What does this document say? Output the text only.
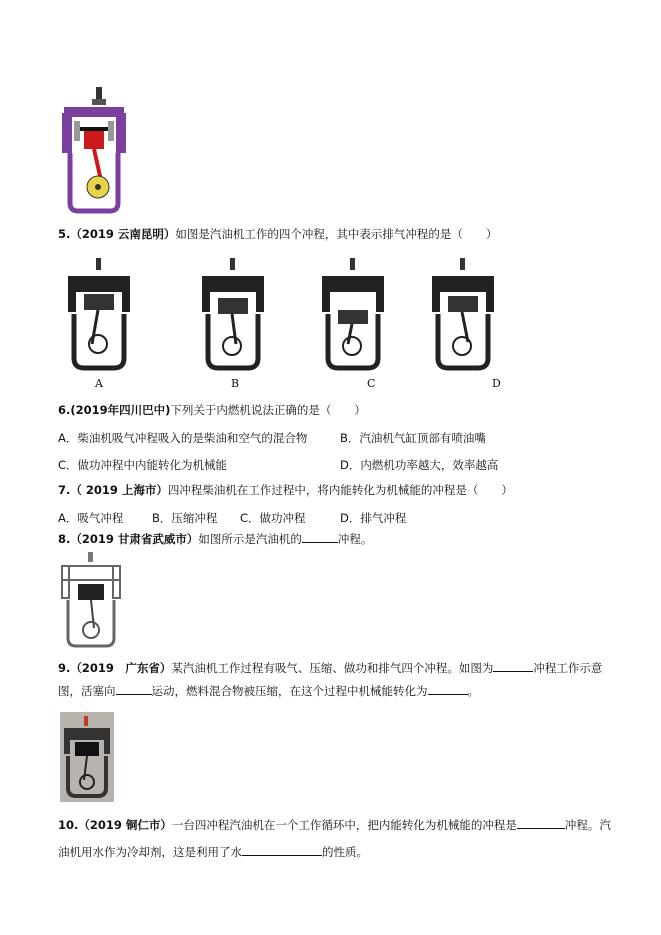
5.（2019 云南昆明）如图是汽油机工作的四个冲程，其中表示排气冲程的是（　　）
A	B	C	D
6.(2019年四川巴中)下列关于内燃机说法正确的是（　　）
A．柴油机吸气冲程吸入的是柴油和空气的混合物	B．汽油机气缸顶部有喷油嘴
C．做功冲程中内能转化为机械能	D．内燃机功率越大，效率越高
7.（ 2019 上海市）四冲程柴油机在工作过程中，将内能转化为机械能的冲程是（　　）
A．吸气冲程 B．压缩冲程 C．做功冲程	D．排气冲程
8.（2019 甘肃省武威市）如图所示是汽油机的	冲程。
9.（2019　广东省）某汽油机工作过程有吸气、压缩、做功和排气四个冲程。如图为	冲程工作示意
图，活塞向	运动，燃料混合物被压缩，在这个过程中机械能转化为	。
10.（2019 铜仁市）一台四冲程汽油机在一个工作循环中，把内能转化为机械能的冲程是	冲程。汽
油机用水作为冷却剂，这是利用了水	的性质。
